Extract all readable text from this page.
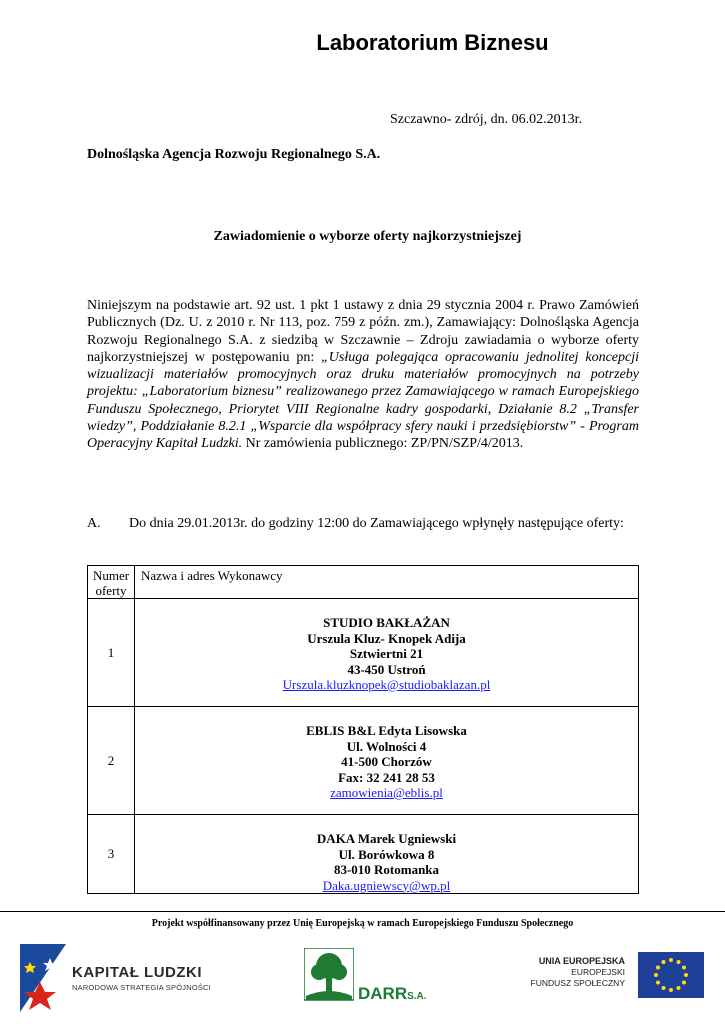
Laboratorium Biznesu
Szczawno- zdrój, dn. 06.02.2013r.
Dolnośląska Agencja Rozwoju Regionalnego S.A.
Zawiadomienie o wyborze oferty najkorzystniejszej
Niniejszym na podstawie art. 92 ust. 1 pkt 1 ustawy z dnia 29 stycznia 2004 r. Prawo Zamówień Publicznych (Dz. U. z 2010 r. Nr 113, poz. 759 z późn. zm.), Zamawiający: Dolnośląska Agencja Rozwoju Regionalnego S.A. z siedzibą w Szczawnie – Zdroju zawiadamia o wyborze oferty najkorzystniejszej w postępowaniu pn: „Usługa polegająca opracowaniu jednolitej koncepcji wizualizacji materiałów promocyjnych oraz druku materiałów promocyjnych na potrzeby projektu: „Laboratorium biznesu” realizowanego przez Zamawiającego w ramach Europejskiego Funduszu Społecznego, Priorytet VIII Regionalne kadry gospodarki, Działanie 8.2 „Transfer wiedzy”, Poddziałanie 8.2.1 „Wsparcie dla współpracy sfery nauki i przedsiębiorstw” - Program Operacyjny Kapitał Ludzki. Nr zamówienia publicznego: ZP/PN/SZP/4/2013.
A. Do dnia 29.01.2013r. do godziny 12:00 do Zamawiającego wpłynęły następujące oferty:
Numer oferty	Nazwa i adres Wykonawcy
1	STUDIO BAKŁAŻAN
Urszula Kluz- Knopek Adija
Sztwiertni 21
43-450 Ustroń
Urszula.kluzknopek@studiobaklazan.pl

2	EBLIS B&L Edyta Lisowska
Ul. Wolności 4
41-500 Chorzów
Fax: 32 241 28 53
zamowienia@eblis.pl

3	DAKA Marek Ugniewski
Ul. Borówkowa 8
83-010 Rotomanka
Daka.ugniewscy@wp.pl
Projekt współfinansowany przez Unię Europejską w ramach Europejskiego Funduszu Społecznego
KAPITAŁ LUDZKI
NARODOWA STRATEGIA SPÓJNOŚCI	DARRS.A.
UNIA EUROPEJSKA
EUROPEJSKI
FUNDUSZ SPOŁECZNY
